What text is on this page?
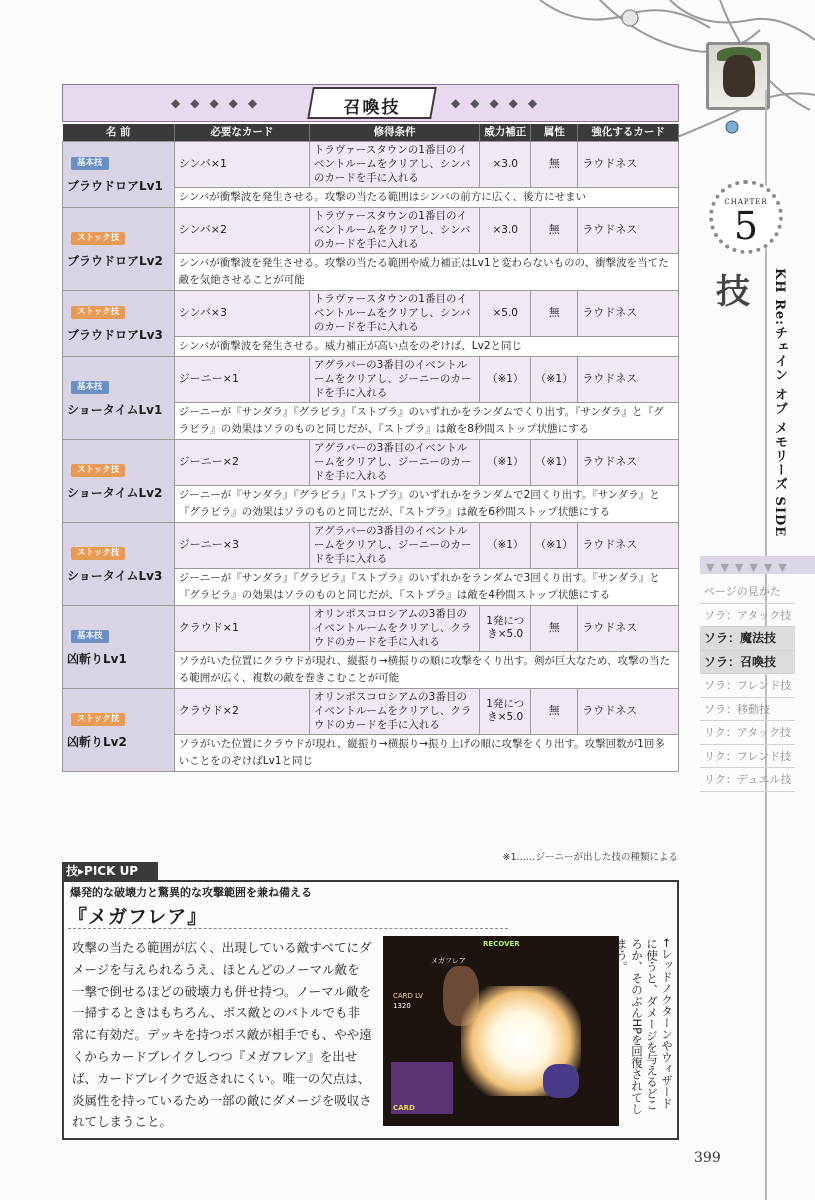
◆◆◆◆◆	召喚技	◆◆◆◆◆
名 前	必要なカード	修得条件	威力補正	属性	強化するカード
基本技
ブラウドロアLv1	シンバ×1	トラヴァースタウンの1番目のイベントルームをクリアし、シンバのカードを手に入れる	×3.0	無	ラウドネス
	シンバが衝撃波を発生させる。攻撃の当たる範囲はシンバの前方に広く、後方にせまい				
ストック技
ブラウドロアLv2	シンバ×2	トラヴァースタウンの1番目のイベントルームをクリアし、シンバのカードを手に入れる	×3.0	無	ラウドネス
	シンバが衝撃波を発生させる。攻撃の当たる範囲や威力補正はLv1と変わらないものの、衝撃波を当てた敵を気絶させることが可能				
ストック技
ブラウドロアLv3	シンバ×3	トラヴァースタウンの1番目のイベントルームをクリアし、シンバのカードを手に入れる	×5.0	無	ラウドネス
	シンバが衝撃波を発生させる。威力補正が高い点をのぞけば、Lv2と同じ				
基本技
ショータイムLv1	ジーニー×1	アグラバーの3番目のイベントルームをクリアし、ジーニーのカードを手に入れる	（※1）	（※1）	ラウドネス
	ジーニーが『サンダラ』『グラビラ』『ストプラ』のいずれかをランダムでくり出す。『サンダラ』と『グラビラ』の効果はソラのものと同じだが、『ストプラ』は敵を8秒間ストップ状態にする				
ストック技
ショータイムLv2	ジーニー×2	アグラバーの3番目のイベントルームをクリアし、ジーニーのカードを手に入れる	（※1）	（※1）	ラウドネス
	ジーニーが『サンダラ』『グラビラ』『ストプラ』のいずれかをランダムで2回くり出す。『サンダラ』と『グラビラ』の効果はソラのものと同じだが、『ストプラ』は敵を6秒間ストップ状態にする				
ストック技
ショータイムLv3	ジーニー×3	アグラバーの3番目のイベントルームをクリアし、ジーニーのカードを手に入れる	（※1）	（※1）	ラウドネス
	ジーニーが『サンダラ』『グラビラ』『ストプラ』のいずれかをランダムで3回くり出す。『サンダラ』と『グラビラ』の効果はソラのものと同じだが、『ストプラ』は敵を4秒間ストップ状態にする				
基本技
凶斬りLv1	クラウド×1	オリンポスコロシアムの3番目のイベントルームをクリアし、クラウドのカードを手に入れる	1発につき×5.0	無	ラウドネス
	ソラがいた位置にクラウドが現れ、縦振り→横振りの順に攻撃をくり出す。剣が巨大なため、攻撃の当たる範囲が広く、複数の敵を巻きこむことが可能				
ストック技
凶斬りLv2	クラウド×2	オリンポスコロシアムの3番目のイベントルームをクリアし、クラウドのカードを手に入れる	1発につき×5.0	無	ラウドネス
	ソラがいた位置にクラウドが現れ、縦振り→横振り→振り上げの順に攻撃をくり出す。攻撃回数が1回多いことをのぞけばLv1と同じ				
※1……ジーニーが出した技の種類による
技▸PICK UP
爆発的な破壊力と驚異的な攻撃範囲を兼ね備える
『メガフレア』
攻撃の当たる範囲が広く、出現している敵すべてにダメージを与えられるうえ、ほとんどのノーマル敵を一撃で倒せるほどの破壊力も併せ持つ。ノーマル敵を一掃するときはもちろん、ボス敵とのバトルでも非常に有効だ。デッキを持つボス敵が相手でも、やや遠くからカードブレイクしつつ『メガフレア』を出せば、カードブレイクで返されにくい。唯一の欠点は、炎属性を持っているため一部の敵にダメージを吸収されてしまうこと。
RECOVER
メガフレア
CARD LV
1320
CARD	←レッドノクターンやウィザードに使うと、ダメージを与えるどころか、そのぶんHPを回復されてしまう。
CHAPTER
5
技 KH Re:チェイン オブ メモリーズ SIDE
▼▼▼▼▼▼
ページの見かた
ソラ：アタック技
ソラ：魔法技
ソラ：召喚技
ソラ：フレンド技
ソラ：移動技
リク：アタック技
リク：フレンド技
リク：デュエル技
399
